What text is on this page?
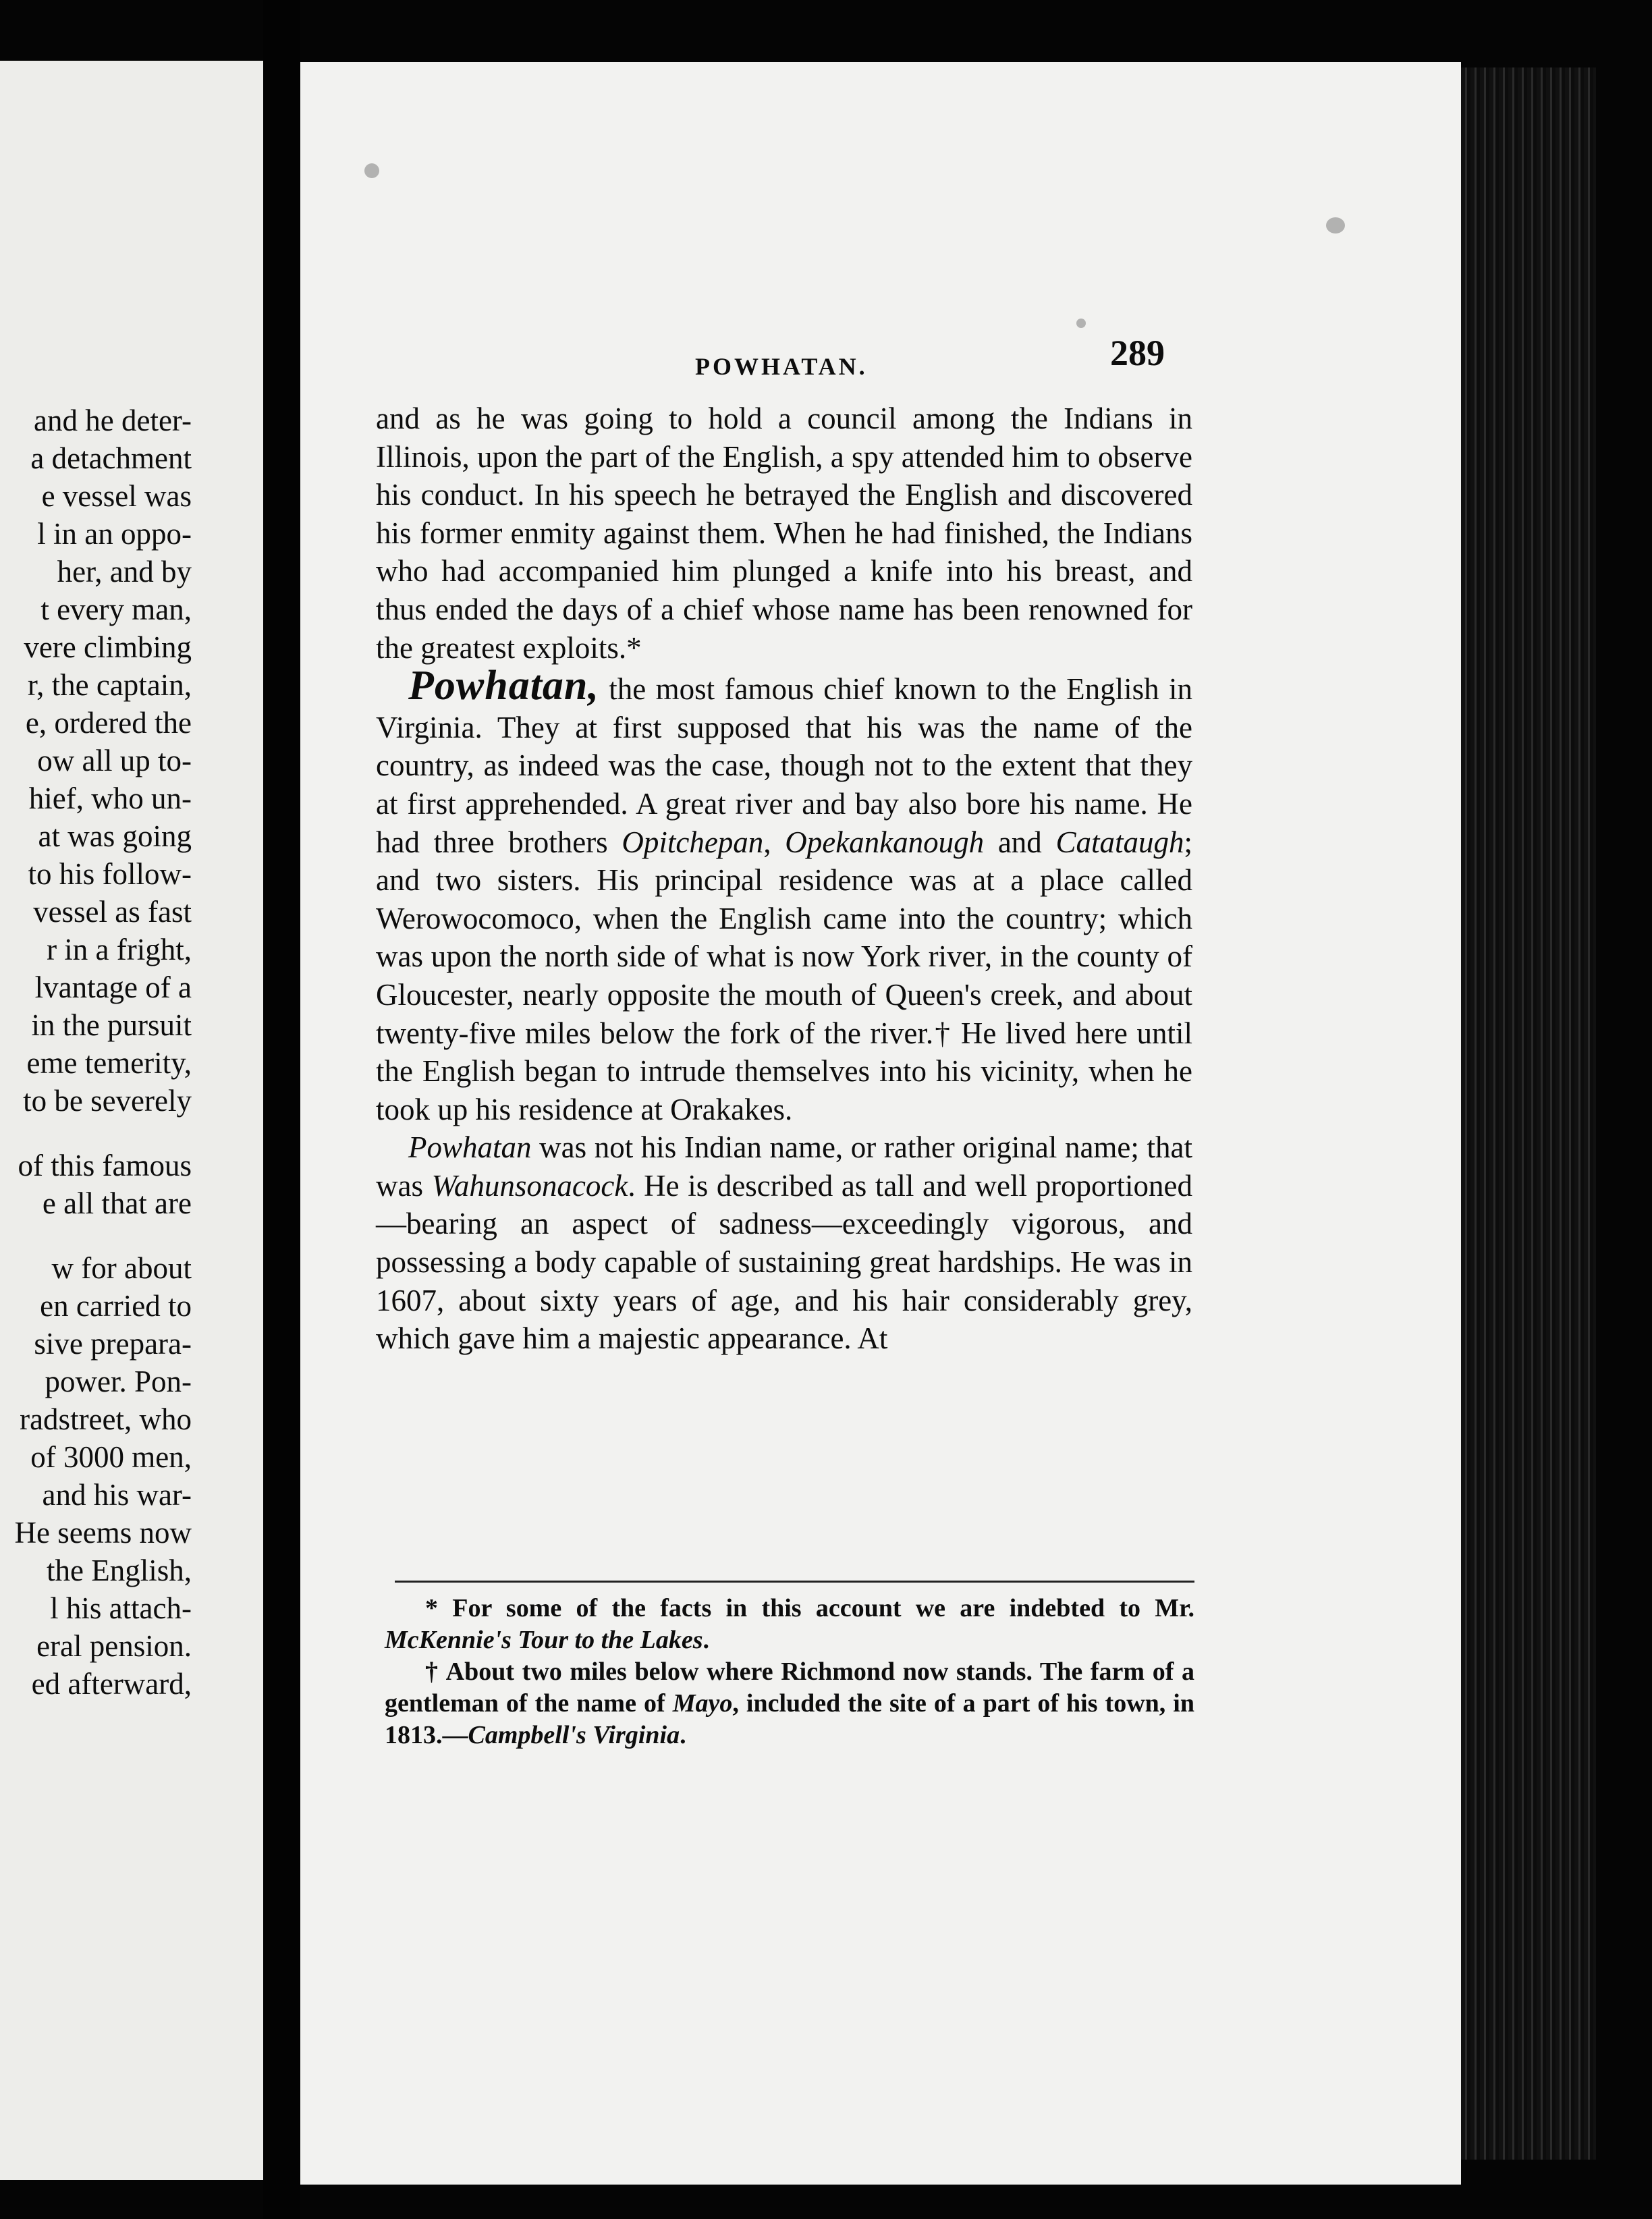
and he deter-
a detachment
e vessel was
l in an oppo-
her, and by
t every man,
vere climbing
r, the captain,
e, ordered the
ow all up to-
hief, who un-
at was going
to his follow-
vessel as fast
r in a fright,
lvantage of a
in the pursuit
eme temerity,
to be severely
of this famous
e all that are
w for about
en carried to
sive prepara-
power. Pon-
radstreet, who
of 3000 men,
and his war-
He seems now
the English,
l his attach-
eral pension.
ed afterward,
POWHATAN.	289

and as he was going to hold a council among the Indians in Illinois, upon the part of the English, a spy attended him to observe his conduct. In his speech he betrayed the English and discovered his former enmity against them. When he had finished, the Indians who had accompanied him plunged a knife into his breast, and thus ended the days of a chief whose name has been renowned for the greatest exploits.*

Powhatan, the most famous chief known to the English in Virginia. They at first supposed that his was the name of the country, as indeed was the case, though not to the extent that they at first apprehended. A great river and bay also bore his name. He had three brothers Opitchepan, Opekankanough and Catataugh; and two sisters. His principal residence was at a place called Werowocomoco, when the English came into the country; which was upon the north side of what is now York river, in the county of Gloucester, nearly opposite the mouth of Queen's creek, and about twenty-five miles below the fork of the river.† He lived here until the English began to intrude themselves into his vicinity, when he took up his residence at Orakakes.

Powhatan was not his Indian name, or rather original name; that was Wahunsonacock. He is described as tall and well proportioned—bearing an aspect of sadness—exceedingly vigorous, and possessing a body capable of sustaining great hardships. He was in 1607, about sixty years of age, and his hair considerably grey, which gave him a majestic appearance. At

* For some of the facts in this account we are indebted to Mr. McKennie's Tour to the Lakes.

† About two miles below where Richmond now stands. The farm of a gentleman of the name of Mayo, included the site of a part of his town, in 1813.—Campbell's Virginia.
